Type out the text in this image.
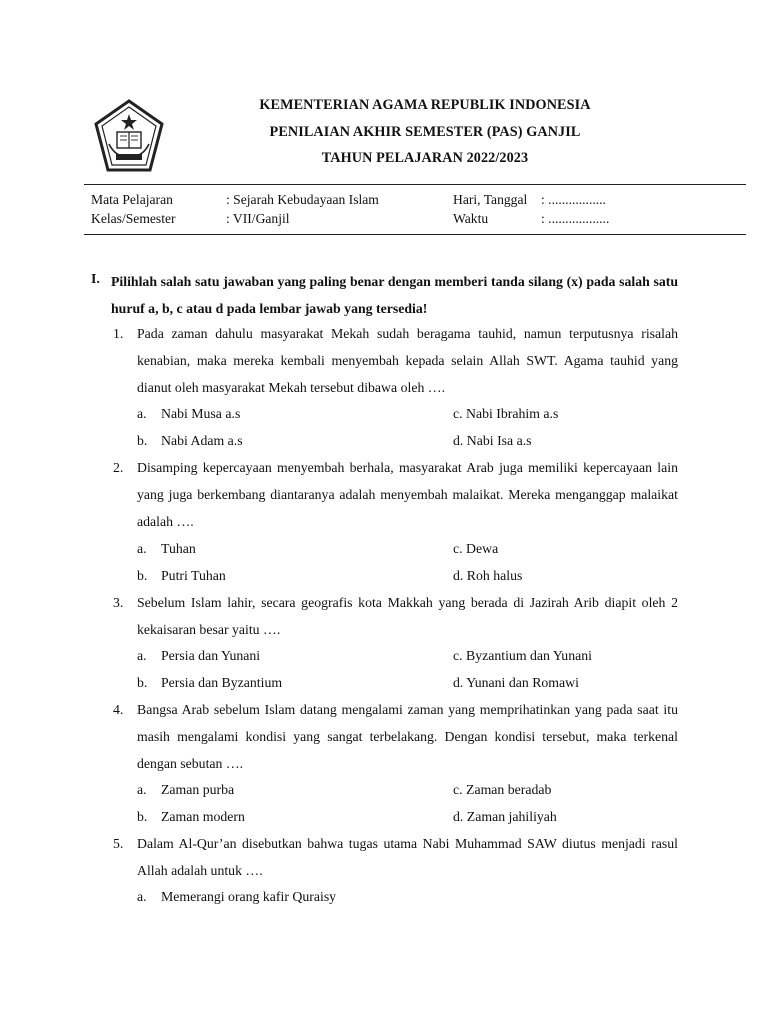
KEMENTERIAN AGAMA REPUBLIK INDONESIA
PENILAIAN AKHIR SEMESTER (PAS) GANJIL
TAHUN PELAJARAN 2022/2023
Mata Pelajaran	: Sejarah Kebudayaan Islam	Hari, Tanggal : .................
Kelas/Semester	: VII/Ganjil	Waktu	: ..................
I. Pilihlah salah satu jawaban yang paling benar dengan memberi tanda silang (x) pada salah satu huruf a, b, c atau d pada lembar jawab yang tersedia!
1. Pada zaman dahulu masyarakat Mekah sudah beragama tauhid, namun terputusnya risalah kenabian, maka mereka kembali menyembah kepada selain Allah SWT. Agama tauhid yang dianut oleh masyarakat Mekah tersebut dibawa oleh ….
a. Nabi Musa a.s	c. Nabi Ibrahim a.s
b. Nabi Adam a.s	d. Nabi Isa a.s
2. Disamping kepercayaan menyembah berhala, masyarakat Arab juga memiliki kepercayaan lain yang juga berkembang diantaranya adalah menyembah malaikat. Mereka menganggap malaikat adalah ….
a. Tuhan	c. Dewa
b. Putri Tuhan	d. Roh halus
3. Sebelum Islam lahir, secara geografis kota Makkah yang berada di Jazirah Arib diapit oleh 2 kekaisaran besar yaitu ….
a. Persia dan Yunani	c. Byzantium dan Yunani
b. Persia dan Byzantium	d. Yunani dan Romawi
4. Bangsa Arab sebelum Islam datang mengalami zaman yang memprihatinkan yang pada saat itu masih mengalami kondisi yang sangat terbelakang. Dengan kondisi tersebut, maka terkenal dengan sebutan ….
a. Zaman purba	c. Zaman beradab
b. Zaman modern	d. Zaman jahiliyah
5. Dalam Al-Qur’an disebutkan bahwa tugas utama Nabi Muhammad SAW diutus menjadi rasul Allah adalah untuk ….
a. Memerangi orang kafir Quraisy
